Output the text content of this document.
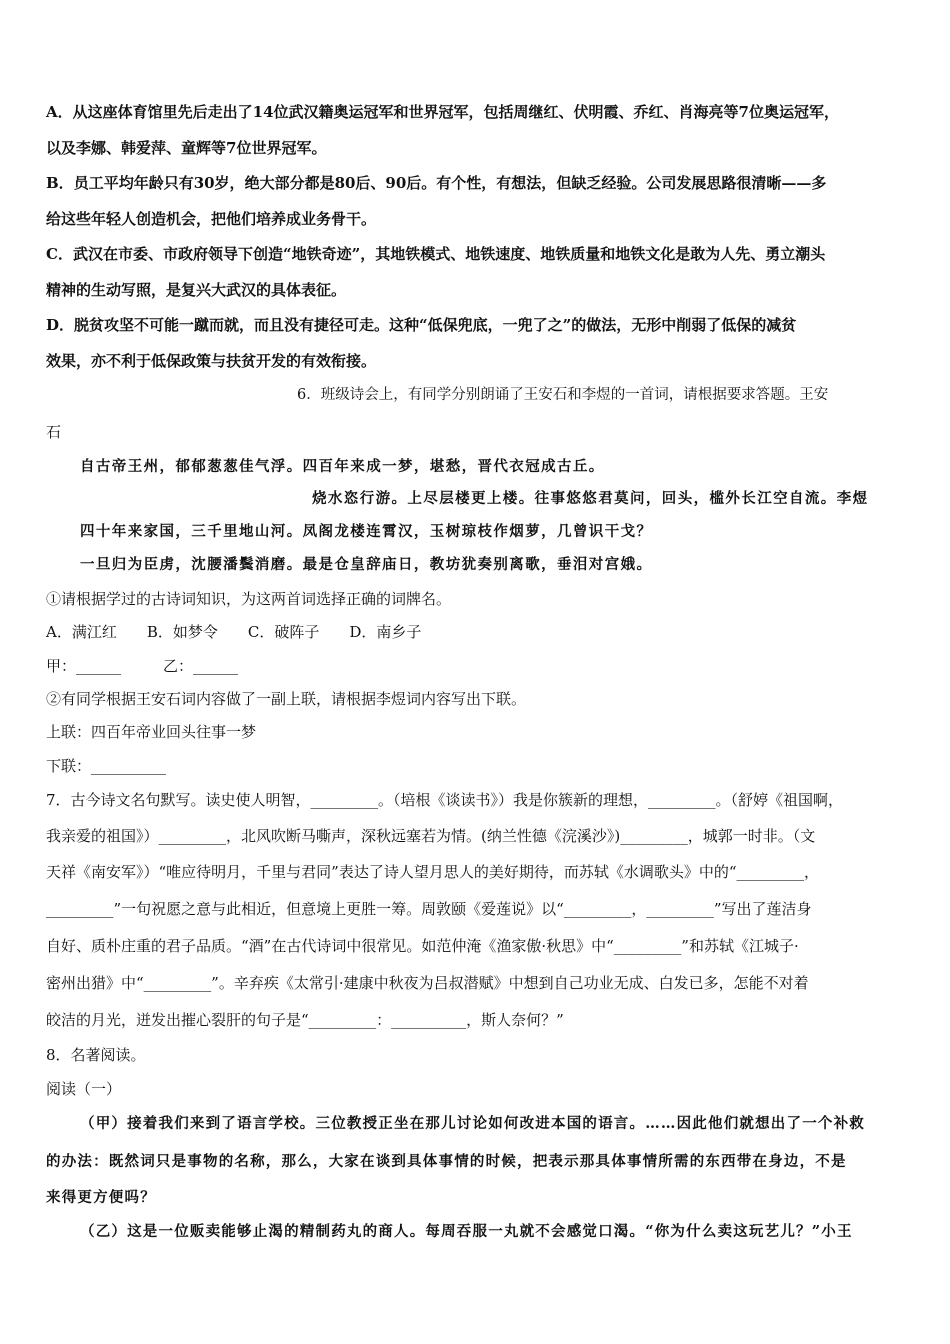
A．从这座体育馆里先后走出了14位武汉籍奥运冠军和世界冠军，包括周继红、伏明霞、乔红、肖海亮等7位奥运冠军，
以及李娜、韩爱萍、童辉等7位世界冠军。
B．员工平均年龄只有30岁，绝大部分都是80后、90后。有个性，有想法，但缺乏经验。公司发展思路很清晰——多
给这些年轻人创造机会，把他们培养成业务骨干。
C．武汉在市委、市政府领导下创造“地铁奇迹”，其地铁模式、地铁速度、地铁质量和地铁文化是敢为人先、勇立潮头
精神的生动写照，是复兴大武汉的具体表征。
D．脱贫攻坚不可能一蹴而就，而且没有捷径可走。这种“低保兜底，一兜了之”的做法，无形中削弱了低保的减贫
效果，亦不利于低保政策与扶贫开发的有效衔接。
6．班级诗会上，有同学分别朗诵了王安石和李煜的一首词，请根据要求答题。王安
石
自古帝王州，郁郁葱葱佳气浮。四百年来成一梦，堪愁，晋代衣冠成古丘。
烧水恣行游。上尽层楼更上楼。往事悠悠君莫问，回头，槛外长江空自流。李煜
四十年来家国，三千里地山河。凤阁龙楼连霄汉，玉树琼枝作烟萝，几曾识干戈？
一旦归为臣虏，沈腰潘鬓消磨。最是仓皇辞庙日，教坊犹奏别离歌，垂泪对宫娥。
①请根据学过的古诗词知识，为这两首词选择正确的词牌名。
A．满江红 B．如梦令 C．破阵子 D．南乡子
甲：______	乙：______
②有同学根据王安石词内容做了一副上联，请根据李煜词内容写出下联。
上联：四百年帝业回头往事一梦
下联：__________
7．古今诗文名句默写。读史使人明智，_________。（培根《谈读书》）我是你簇新的理想，_________。（舒婷《祖国啊，
我亲爱的祖国》）_________，北风吹断马嘶声，深秋远塞若为情。(纳兰性德《浣溪沙》)_________，城郭一时非。（文
天祥《南安军》）“唯应待明月，千里与君同”表达了诗人望月思人的美好期待，而苏轼《水调歌头》中的“_________，
_________”一句祝愿之意与此相近，但意境上更胜一筹。周敦颐《爱莲说》以“_________，_________”写出了莲洁身
自好、质朴庄重的君子品质。“酒”在古代诗词中很常见。如范仲淹《渔家傲·秋思》中“_________”和苏轼《江城子·
密州出猎》中“_________”。辛弃疾《太常引·建康中秋夜为吕叔潜赋》中想到自己功业无成、白发已多，怎能不对着
皎洁的月光，迸发出摧心裂肝的句子是“_________：__________，斯人奈何？”
8．名著阅读。
阅读（一）
（甲）接着我们来到了语言学校。三位教授正坐在那儿讨论如何改进本国的语言。……因此他们就想出了一个补救
的办法：既然词只是事物的名称，那么，大家在谈到具体事情的时候，把表示那具体事情所需的东西带在身边，不是
来得更方便吗？
（乙）这是一位贩卖能够止渴的精制药丸的商人。每周吞服一丸就不会感觉口渴。“你为什么卖这玩艺儿？”小王
